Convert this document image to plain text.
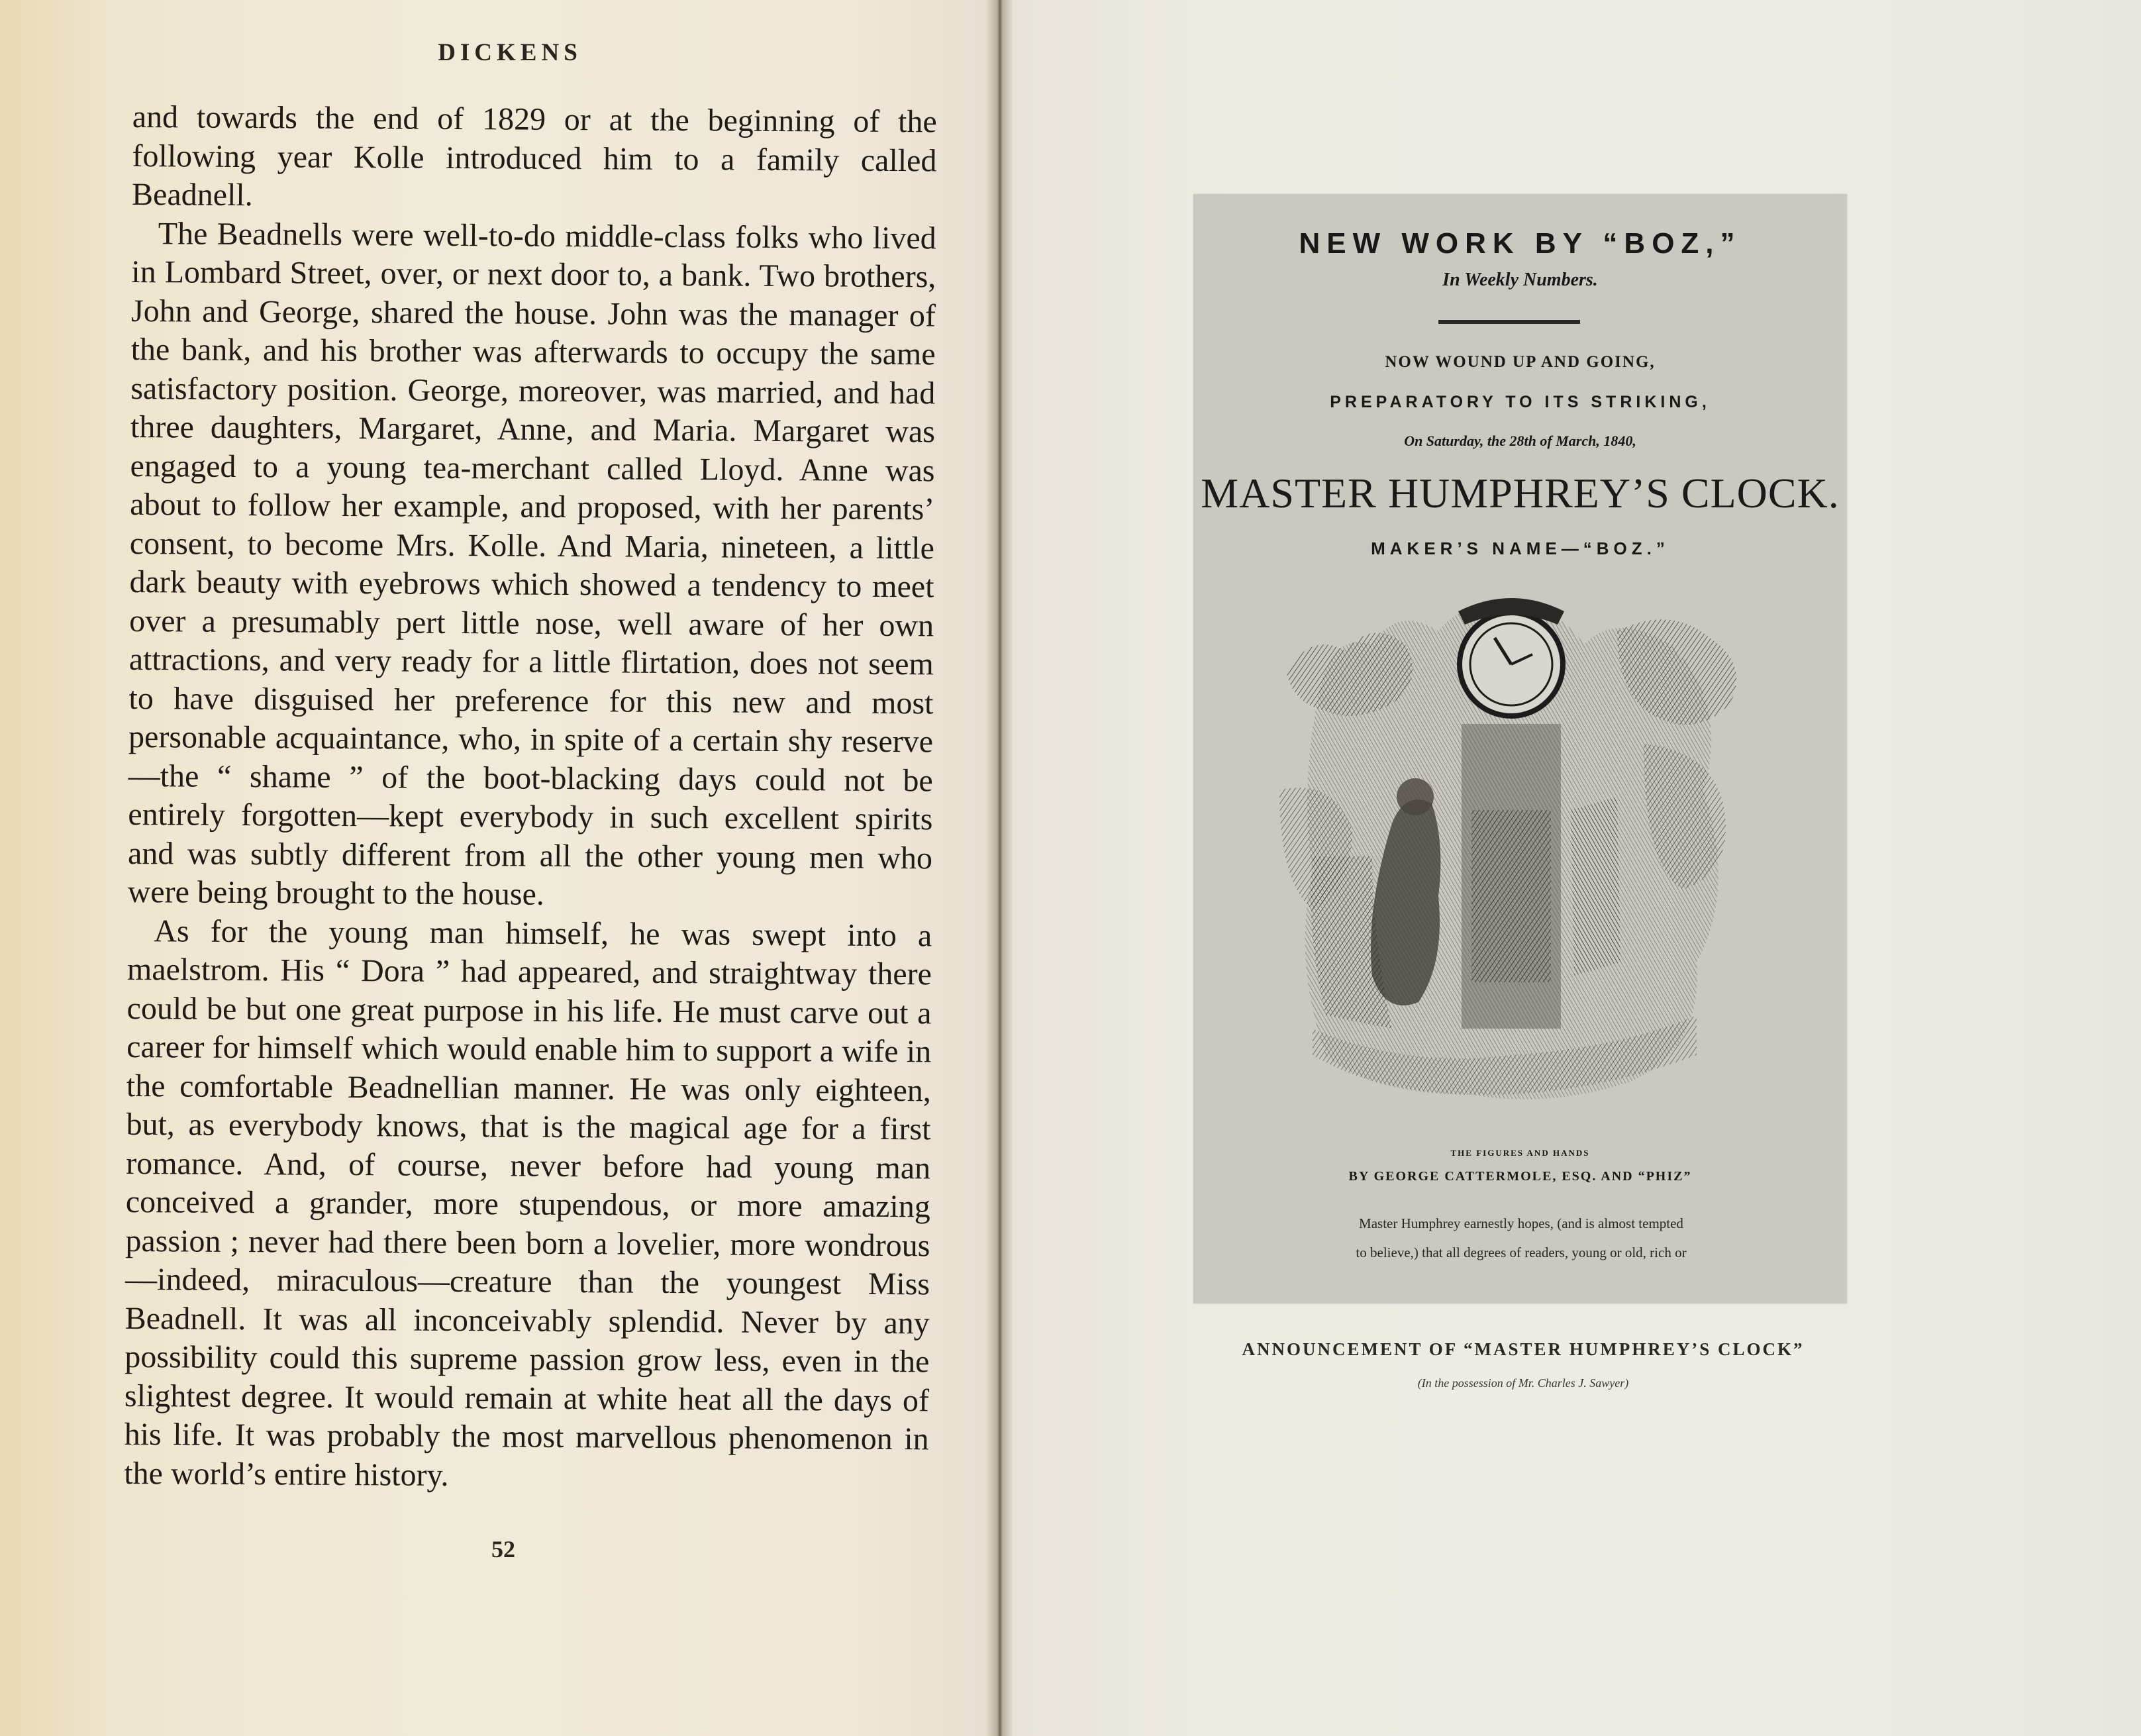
DICKENS

and towards the end of 1829 or at the beginning of the following year Kolle introduced him to a family called Beadnell.

The Beadnells were well-to-do middle-class folks who lived in Lombard Street, over, or next door to, a bank. Two brothers, John and George, shared the house. John was the manager of the bank, and his brother was afterwards to occupy the same satisfactory position. George, moreover, was married, and had three daughters, Margaret, Anne, and Maria. Margaret was engaged to a young tea-merchant called Lloyd. Anne was about to follow her example, and proposed, with her parents’ consent, to become Mrs. Kolle. And Maria, nineteen, a little dark beauty with eyebrows which showed a tendency to meet over a presumably pert little nose, well aware of her own attractions, and very ready for a little flirtation, does not seem to have disguised her preference for this new and most personable acquaintance, who, in spite of a certain shy reserve—the “ shame ” of the boot-blacking days could not be entirely forgotten—kept everybody in such excellent spirits and was subtly different from all the other young men who were being brought to the house.

As for the young man himself, he was swept into a maelstrom. His “ Dora ” had appeared, and straightway there could be but one great purpose in his life. He must carve out a career for himself which would enable him to support a wife in the comfortable Beadnellian manner. He was only eighteen, but, as everybody knows, that is the magical age for a first romance. And, of course, never before had young man conceived a grander, more stupendous, or more amazing passion ; never had there been born a lovelier, more wondrous—indeed, miraculous—creature than the youngest Miss Beadnell. It was all inconceivably splendid. Never by any possibility could this supreme passion grow less, even in the slightest degree. It would remain at white heat all the days of his life. It was probably the most marvellous phenomenon in the world’s entire history.

52
NEW WORK BY “BOZ,”
In Weekly Numbers.
NOW WOUND UP AND GOING,
PREPARATORY TO ITS STRIKING,
On Saturday, the 28th of March, 1840,
MASTER HUMPHREY’S CLOCK.
MAKER’S NAME—“BOZ.”
THE FIGURES AND HANDS
BY GEORGE CATTERMOLE, ESQ. AND “PHIZ”
Master Humphrey earnestly hopes, (and is almost tempted
to believe,) that all degrees of readers, young or old, rich or
ANNOUNCEMENT OF “MASTER HUMPHREY’S CLOCK”
(In the possession of Mr. Charles J. Sawyer)
